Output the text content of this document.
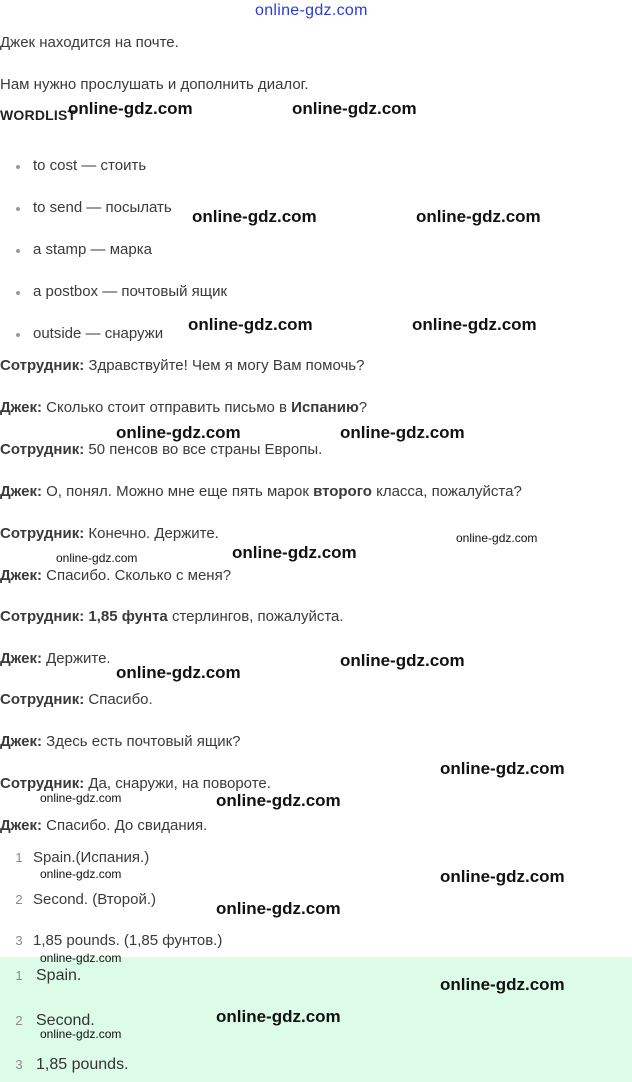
online-gdz.com
Джек находится на почте.
Нам нужно прослушать и дополнить диалог.
WORDLIST
to cost — стоить
to send — посылать
a stamp — марка
a postbox — почтовый ящик
outside — снаружи
Сотрудник: Здравствуйте! Чем я могу Вам помочь?
Джек: Сколько стоит отправить письмо в Испанию?
Сотрудник: 50 пенсов во все страны Европы.
Джек: О, понял. Можно мне еще пять марок второго класса, пожалуйста?
Сотрудник: Конечно. Держите.
Джек: Спасибо. Сколько с меня?
Сотрудник: 1,85 фунта стерлингов, пожалуйста.
Джек: Держите.
Сотрудник: Спасибо.
Джек: Здесь есть почтовый ящик?
Сотрудник: Да, снаружи, на повороте.
Джек: Спасибо. До свидания.
1 Spain.(Испания.)
2 Second. (Второй.)
3 1,85 pounds. (1,85 фунтов.)
1 Spain.
2 Second.
3 1,85 pounds.
online-gdz.com	online-gdz.com
online-gdz.com	online-gdz.com
online-gdz.com	online-gdz.com
online-gdz.com	online-gdz.com
online-gdz.com
online-gdz.com	online-gdz.com
online-gdz.com
online-gdz.com
online-gdz.com
online-gdz.com	online-gdz.com
online-gdz.com	online-gdz.com
online-gdz.com
online-gdz.com
online-gdz.com
online-gdz.com
online-gdz.com
